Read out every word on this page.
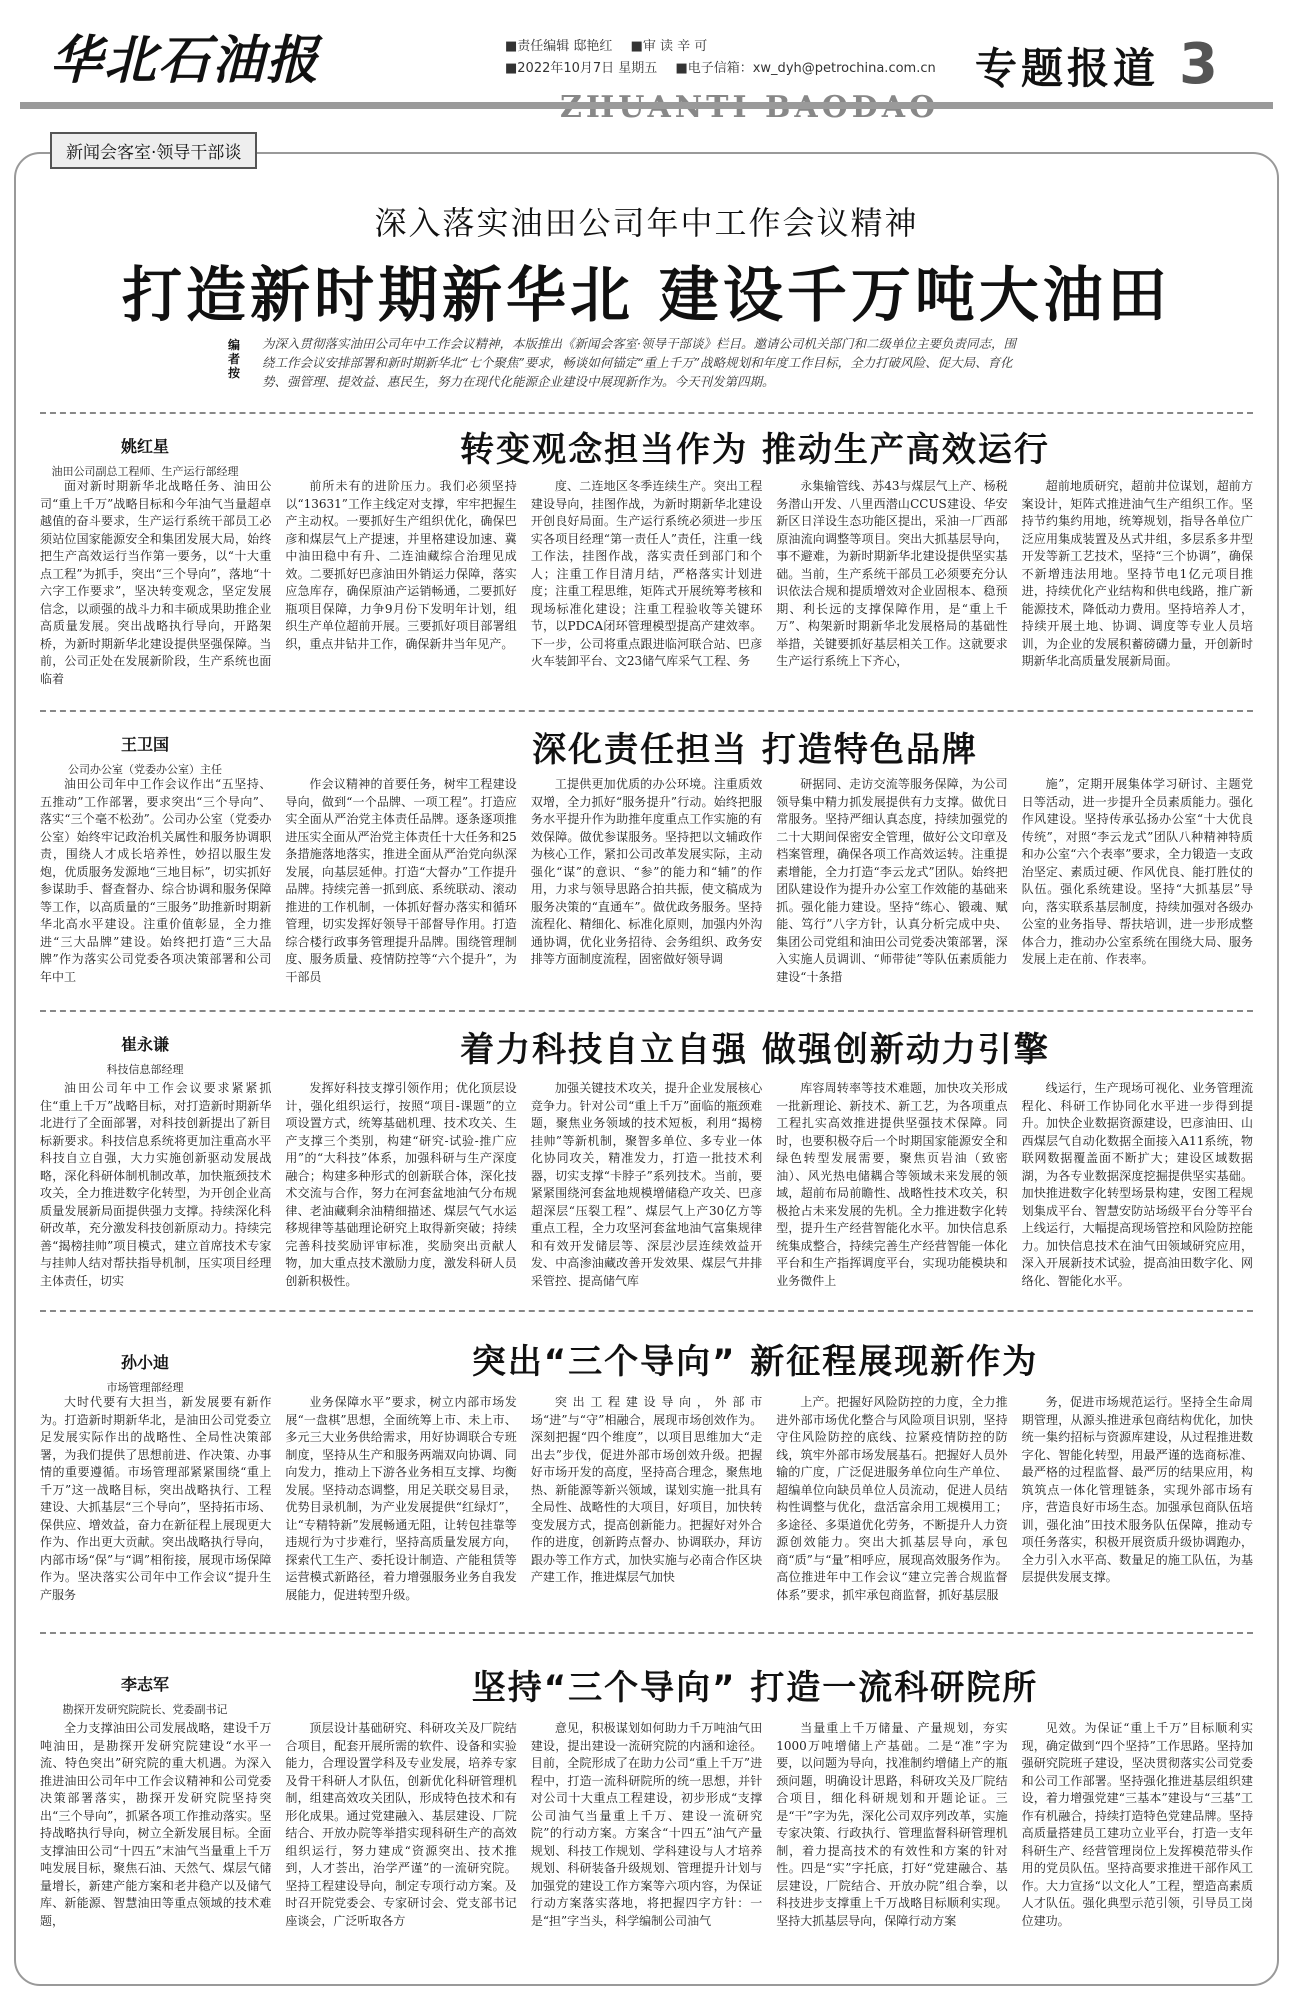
华北石油报	■责任编辑 邸艳红 ■审 读 辛 可
■2022年10月7日 星期五 ■电子信箱：xw_dyh@petrochina.com.cn 专题报道 3
新闻会客室·领导干部谈
深入落实油田公司年中工作会议精神
打造新时期新华北 建设千万吨大油田
编者按
为深入贯彻落实油田公司年中工作会议精神，本版推出《新闻会客室·领导干部谈》栏目。邀请公司机关部门和二级单位主要负责同志，围绕工作会议安排部署和新时期新华北“七个聚焦”要求，畅谈如何锚定“重上千万”战略规划和年度工作目标，全力打破风险、促大局、育化势、强管理、提效益、惠民生，努力在现代化能源企业建设中展现新作为。今天刊发第四期。
姚红星
油田公司副总工程师、生产运行部经理
转变观念担当作为 推动生产高效运行
面对新时期新华北战略任务、油田公司“重上千万”战略目标和今年油气当量超卓越值的奋斗要求，生产运行系统干部员工必须站位国家能源安全和集团发展大局，始终把生产高效运行当作第一要务，以“十大重点工程”为抓手，突出“三个导向”，落地“十六字工作要求”，坚决转变观念，坚定发展信念，以顽强的战斗力和丰硕成果助推企业高质量发展。突出战略执行导向，开路架桥，为新时期新华北建设提供坚强保障。当前，公司正处在发展新阶段，生产系统也面临着
前所未有的进阶压力。我们必须坚持以“13631”工作主线定对支撑，牢牢把握生产主动权。一要抓好生产组织优化，确保巴彦和煤层气上产提速，并里格建设加速、冀中油田稳中有升、二连油藏综合治理见成效。二要抓好巴彦油田外销运力保障，落实应急库存，确保原油产运销畅通，二要抓好瓶项目保障，力争9月份下发明年计划，组织生产单位超前开展。三要抓好项目部署组织，重点井钻井工作，确保新井当年见产。
度、二连地区冬季连续生产。突出工程建设导向，挂图作战，为新时期新华北建设开创良好局面。生产运行系统必须进一步压实各项目经理“第一责任人”责任，注重一线工作法，挂图作战，落实责任到部门和个人；注重工作目清月结，严格落实计划进度；注重工程思维，矩阵式开展统筹考核和现场标准化建设；注重工程验收等关键环节，以PDCA闭环管理模型提高产建效率。下一步，公司将重点跟进临河联合站、巴彦火车装卸平台、文23储气库采气工程、务
永集输管线、苏43与煤层气上产、杨税务潜山开发、八里西潜山CCUS建设、华安新区日洋设生态功能区提出，采油一厂西部原油流向调整等项目。突出大抓基层导向，事不避难，为新时期新华北建设提供坚实基础。当前，生产系统干部员工必须要充分认识依法合规和提质增效对企业固根本、稳预期、利长远的支撑保障作用，是“重上千万”、构架新时期新华北发展格局的基础性举措，关键要抓好基层相关工作。这就要求生产运行系统上下齐心，
超前地质研究，超前井位谋划，超前方案设计，矩阵式推进油气生产组织工作。坚持节约集约用地，统筹规划，指导各单位广泛应用集成装置及丛式井组，多层系多井型开发等新工艺技术，坚持“三个协调”，确保不新增违法用地。坚持节电1亿元项目推进，持续优化产业结构和供电线路，推广新能源技术，降低动力费用。坚持培养人才，持续开展土地、协调、调度等专业人员培训，为企业的发展积蓄磅礴力量，开创新时期新华北高质量发展新局面。
王卫国
公司办公室（党委办公室）主任	深化责任担当 打造特色品牌
油田公司年中工作会议作出“五坚持、五推动”工作部署，要求突出“三个导向”、落实“三个毫不松劲”。公司办公室（党委办公室）始终牢记政治机关属性和服务协调职责，围绕人才成长培养性，妙招以服生发炮，优质服务发源地“三地目标”，切实抓好参谋助手、督查督办、综合协调和服务保障等工作，以高质量的“三服务”助推新时期新华北高水平建设。注重价值彰显，全力推进“三大品牌”建设。始终把打造“三大品牌”作为落实公司党委各项决策部署和公司年中工
作会议精神的首要任务，树牢工程建设导向，做到“一个品牌、一项工程”。打造应实全面从严治党主体责任品牌。逐条逐项推进压实全面从严治党主体责任十大任务和25条措施落地落实，推进全面从严治党向纵深发展，向基层延伸。打造“大督办”工作提升品牌。持续完善一抓到底、系统联动、滚动推进的工作机制，一体抓好督办落实和循环管理，切实发挥好领导干部督导作用。打造综合楼行政事务管理提升品牌。围绕管理制度、服务质量、疫情防控等“六个提升”，为干部员
工提供更加优质的办公环境。注重质效双增，全力抓好“服务提升”行动。始终把服务水平提升作为助推年度重点工作实施的有效保障。做优参谋服务。坚持把以文辅政作为核心工作，紧扣公司改革发展实际，主动强化“谋”的意识、“参”的能力和“辅”的作用，力求与领导思路合拍共振，使文稿成为服务决策的“直通车”。做优政务服务。坚持流程化、精细化、标准化原则，加强内外沟通协调，优化业务招待、会务组织、政务安排等方面制度流程，固密做好领导调
研据同、走访交流等服务保障，为公司领导集中精力抓发展提供有力支撑。做优日常服务。坚持严细认真态度，持续加强党的二十大期间保密安全管理，做好公文印章及档案管理，确保各项工作高效运转。注重提素增能，全力打造“李云龙式”团队。始终把团队建设作为提升办公室工作效能的基础来抓。强化能力建设。坚持“练心、锻魂、赋能、笃行”八字方针，认真分析完成中央、集团公司党组和油田公司党委决策部署，深入实施人员调训、“师带徒”等队伍素质能力建设“十条措
施”，定期开展集体学习研讨、主题党日等活动，进一步提升全员素质能力。强化作风建设。坚持传承弘扬办公室“十大优良传统”，对照“李云龙式”团队八种精神特质和办公室“六个表率”要求，全力锻造一支政治坚定、素质过硬、作风优良、能打胜仗的队伍。强化系统建设。坚持“大抓基层”导向，落实联系基层制度，持续加强对各级办公室的业务指导、帮扶培训，进一步形成整体合力，推动办公室系统在围绕大局、服务发展上走在前、作表率。
崔永谦
科技信息部经理	着力科技自立自强 做强创新动力引擎
油田公司年中工作会议要求紧紧抓住“重上千万”战略目标，对打造新时期新华北进行了全面部署，对科技创新提出了新目标新要求。科技信息系统将更加注重高水平科技自立自强，大力实施创新驱动发展战略，深化科研体制机制改革，加快瓶颈技术攻关，全力推进数字化转型，为开创企业高质量发展新局面提供强力支撑。持续深化科研改革，充分激发科技创新原动力。持续完善“揭榜挂帅”项目模式，建立首席技术专家与挂帅人结对帮扶指导机制，压实项目经理主体责任，切实
发挥好科技支撑引领作用；优化顶层设计，强化组织运行，按照“项目-课题”的立项设置方式，统筹基础机理、技术攻关、生产支撑三个类别，构建“研究-试验-推广应用”的“大科技”体系，加强科研与生产深度融合；构建多种形式的创新联合体，深化技术交流与合作，努力在河套盆地油气分布规律、老油藏剩余油精细描述、煤层气气水运移规律等基础理论研究上取得新突破；持续完善科技奖励评审标准，奖励突出贡献人物，加大重点技术激励力度，激发科研人员创新积极性。
加强关键技术攻关，提升企业发展核心竞争力。针对公司“重上千万”面临的瓶颈难题，聚焦业务领域的技术短板，利用“揭榜挂帅”等新机制，聚智多单位、多专业一体化协同攻关，精准发力，打造一批技术利器，切实支撑“卡脖子”系列技术。当前，要紧紧围绕河套盆地规模增储稳产攻关、巴彦超深层“压裂工程”、煤层气上产30亿方等重点工程，全力攻坚河套盆地油气富集规律和有效开发储层等、深层沙层连续效益开发、中高渗油藏改善开发效果、煤层气井排采管控、提高储气库
库容周转率等技术难题，加快攻关形成一批新理论、新技术、新工艺，为各项重点工程扎实高效推进提供坚强技术保障。同时，也要积极夺后一个时期国家能源安全和绿色转型发展需要，聚焦页岩油（致密油）、风光热电储耦合等领域未来发展的领域，超前布局前瞻性、战略性技术攻关，积极抢占未来发展的先机。全力推进数字化转型，提升生产经营智能化水平。加快信息系统集成整合，持续完善生产经营智能一体化平台和生产指挥调度平台，实现功能模块和业务微件上
线运行，生产现场可视化、业务管理流程化、科研工作协同化水平进一步得到提升。加快企业数据资源建设，巴彦油田、山西煤层气自动化数据全面接入A11系统，物联网数据覆盖面不断扩大；建设区域数据湖，为各专业数据深度挖掘提供坚实基础。加快推进数字化转型场景构建，安图工程规划集成平台、智慧安防站场级平台分等平台上线运行，大幅提高现场管控和风险防控能力。加快信息技术在油气田领域研究应用，深入开展新技术试验，提高油田数字化、网络化、智能化水平。
孙小迪
市场管理部经理
突出“三个导向” 新征程展现新作为
大时代要有大担当，新发展要有新作为。打造新时期新华北，是油田公司党委立足发展实际作出的战略性、全局性决策部署，为我们提供了思想前进、作决策、办事情的重要遵循。市场管理部紧紧围绕“重上千万”这一战略目标，突出战略执行、工程建设、大抓基层“三个导向”，坚持拓市场、保供应、增效益，奋力在新征程上展现更大作为、作出更大贡献。突出战略执行导向，内部市场“保”与“调”相衔接，展现市场保障作为。坚决落实公司年中工作会议“提升生产服务
业务保障水平”要求，树立内部市场发展“一盘棋”思想，全面统筹上市、未上市、多元三大业务供给需求，用好协调联合专班制度，坚持从生产和服务两端双向协调、同向发力，推动上下游各业务相互支撑、均衡发展。坚持动态调整，用足关联交易目录，优势目录机制，为产业发展提供“红绿灯”，让“专精特新”发展畅通无阻，让转包挂靠等违规行为寸步难行，坚持高质量发展方向，探索代工生产、委托设计制造、产能租赁等运营模式新路径，着力增强服务业务自我发展能力，促进转型升级。
突出工程建设导向，外部市场“进”与“守”相融合，展现市场创效作为。深刻把握“四个维度”，以项目思维加大“走出去”步伐，促进外部市场创效升级。把握好市场开发的高度，坚持高合理念，聚焦地热、新能源等新兴领域，谋划实施一批具有全局性、战略性的大项目，好项目，加快转变发展方式，提高创新能力。把握好对外合作的进度，创新跨点督办、协调联办，拜访跟办等工作方式，加快实施与必南合作区块产建工作，推进煤层气加快
上产。把握好风险防控的力度，全力推进外部市场优化整合与风险项目识别，坚持守住风险防控的底线、拉紧疫情防控的防线，筑牢外部市场发展基石。把握好人员外输的广度，广泛促进服务单位向生产单位、超编单位向缺员单位人员流动，促进人员结构性调整与优化，盘活富余用工规模用工；多途径、多渠道优化劳务，不断提升人力资源创效能力。突出大抓基层导向，承包商“质”与“量”相呼应，展现高效服务作为。高位推进年中工作会议“建立完善合规监督体系”要求，抓牢承包商监督，抓好基层服
务，促进市场规范运行。坚持全生命周期管理，从源头推进承包商结构优化，加快统一集约招标与资源库建设，从过程推进数字化、智能化转型，用最严谨的选商标准、最严格的过程监督、最严厉的结果应用，构筑筑点一体化管理链条，实现外部市场有序，营造良好市场生态。加强承包商队伍培训，强化油”田技术服务队伍保障，推动专项任务落实，积极开展资质升级协调跑办，全力引入水平高、数量足的施工队伍，为基层提供发展支撑。
李志军
勘探开发研究院院长、党委副书记
坚持“三个导向” 打造一流科研院所
全力支撑油田公司发展战略，建设千万吨油田，是勘探开发研究院建设“水平一流、特色突出”研究院的重大机遇。为深入推进油田公司年中工作会议精神和公司党委决策部署落实，勘探开发研究院坚持突出“三个导向”，抓紧各项工作推动落实。坚持战略执行导向，树立全新发展目标。全面支撑油田公司“十四五”末油气当量重上千万吨发展目标，聚焦石油、天然气、煤层气储量增长，新建产能方案和老井稳产以及储气库、新能源、智慧油田等重点领域的技术难题，
顶层设计基础研究、科研攻关及厂院结合项目，配套开展所需的软件、设备和实验能力，合理设置学科及专业发展，培养专家及骨干科研人才队伍，创新优化科研管理机制，组建高效攻关团队，形成特色技术和有形化成果。通过党建融入、基层建设、厂院结合、开放办院等举措实现科研生产的高效组织运行，努力建成“资源突出、技术推到，人才荟出，治学严谨”的一流研究院。坚持工程建设导向，制定专项行动方案。及时召开院党委会、专家研讨会、党支部书记座谈会，广泛听取各方
意见，积极谋划如何助力千万吨油气田建设，提出建设一流研究院的内涵和途径。目前，全院形成了在助力公司“重上千万”进程中，打造一流科研院所的统一思想，并针对公司十大重点工程建设，初步形成“支撑公司油气当量重上千万、建设一流研究院”的行动方案。方案含“十四五”油气产量规划、科技工作规划、学科建设与人才培养规划、科研装备升级规划、管理提升计划与加强党的建设工作方案等六项内容，为保证行动方案落实落地，将把握四字方针：一是“担”字当头，科学编制公司油气
当量重上千万储量、产量规划，夯实1000万吨增储上产基础。二是“准”字为要，以问题为导向，找准制约增储上产的瓶颈问题，明确设计思路，科研攻关及厂院结合项目，细化科研规划和开题论证。三是“干”字为先，深化公司双序列改革，实施专家决策、行政执行、管理监督科研管理机制，着力提高技术的有效性和方案的针对性。四是“实”字托底，打好“党建融合、基层建设，厂院结合、开放办院”组合拳，以科技进步支撑重上千万战略目标顺利实现。坚持大抓基层导向，保障行动方案
见效。为保证“重上千万”目标顺利实现，确定做到“四个坚持”工作思路。坚持加强研究院班子建设，坚决贯彻落实公司党委和公司工作部署。坚持强化推进基层组织建设，着力增强党建“三基本”建设与“三基”工作有机融合，持续打造特色党建品牌。坚持高质量搭建员工建功立业平台，打造一支年科研生产、经营管理岗位上发挥模范带头作用的党员队伍。坚持高要求推进干部作风工作。大力宣扬“以文化人”工程，塑造高素质人才队伍。强化典型示范引领，引导员工岗位建功。
